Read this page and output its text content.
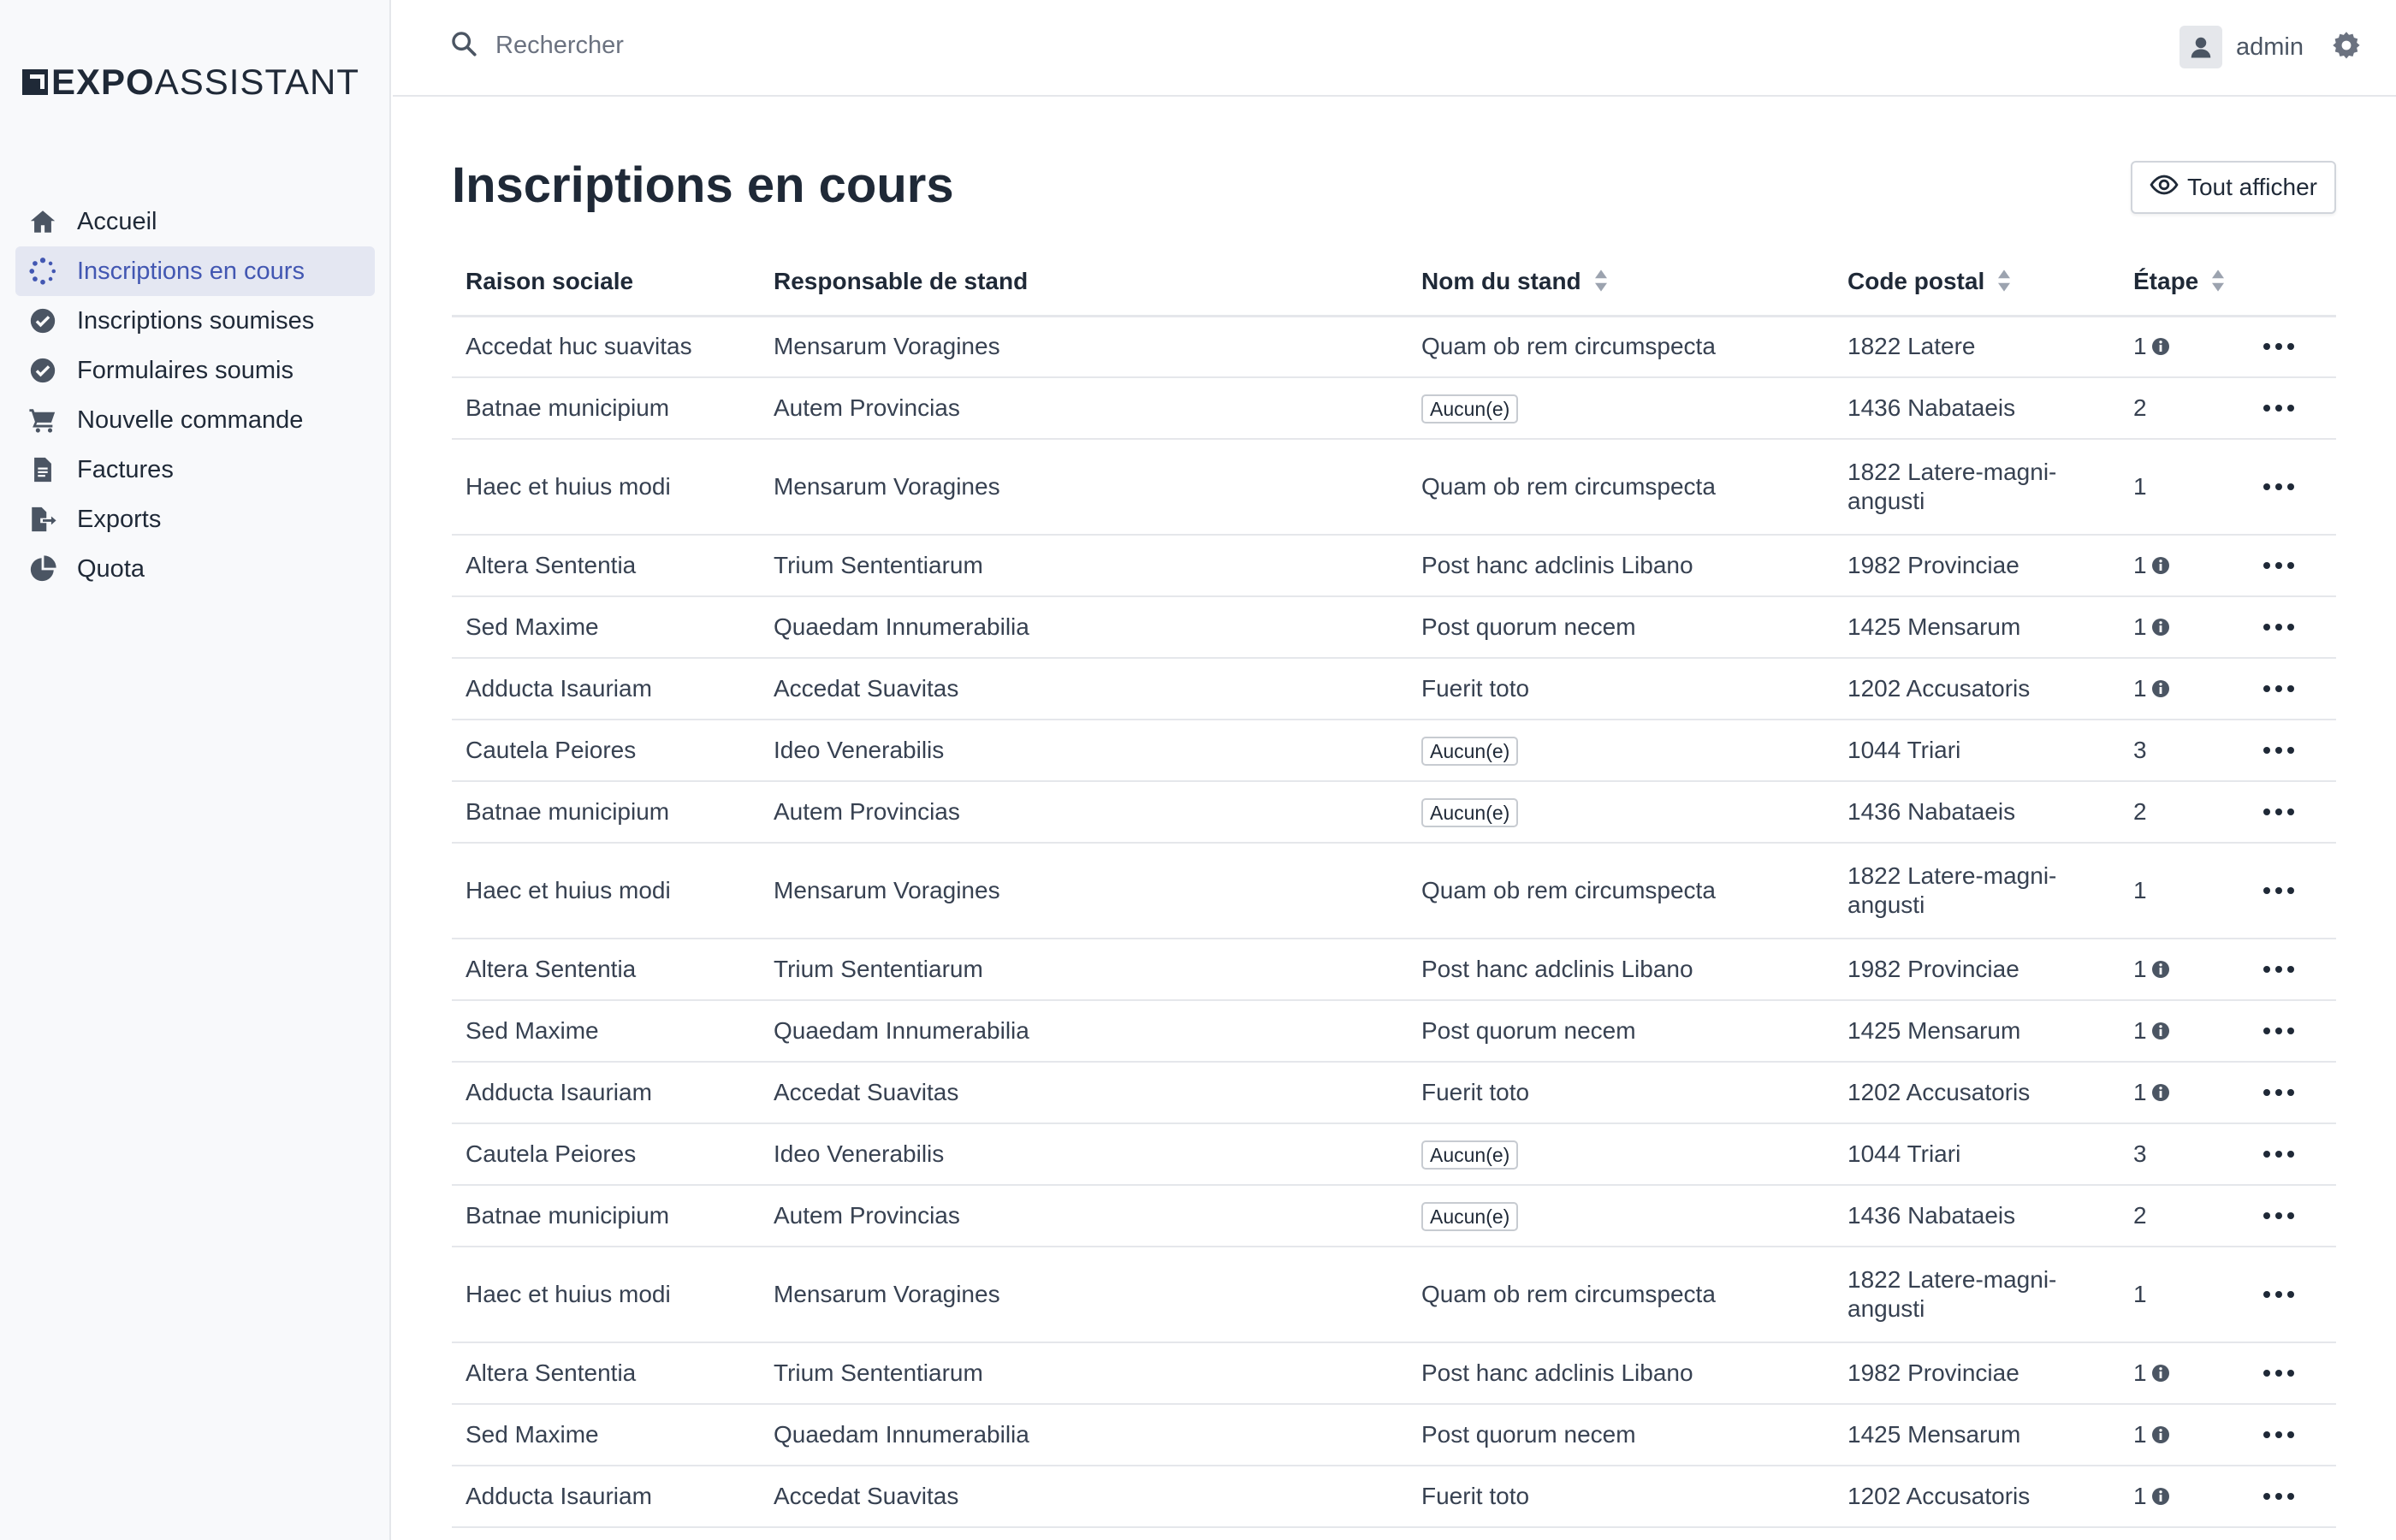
EXPO ASSISTANT
Accueil
Inscriptions en cours
Inscriptions soumises
Formulaires soumis
Nouvelle commande
Factures
Exports
Quota
Rechercher
admin
Inscriptions en cours	Tout afficher
Raison sociale	Responsable de stand	Nom du stand	Code postal	Étape	
Accedat huc suavitas	Mensarum Voragines	Quam ob rem circumspecta	1822 Latere	1

Batnae municipium	Autem Provincias	Aucun(e)	1436 Nabataeis	2

Haec et huius modi	Mensarum Voragines	Quam ob rem circumspecta	1822 Latere-magni-angusti	1

Altera Sententia	Trium Sententiarum	Post hanc adclinis Libano	1982 Provinciae	1

Sed Maxime	Quaedam Innumerabilia	Post quorum necem	1425 Mensarum	1

Adducta Isauriam	Accedat Suavitas	Fuerit toto	1202 Accusatoris	1

Cautela Peiores	Ideo Venerabilis	Aucun(e)	1044 Triari	3

Batnae municipium	Autem Provincias	Aucun(e)	1436 Nabataeis	2

Haec et huius modi	Mensarum Voragines	Quam ob rem circumspecta	1822 Latere-magni-angusti	1

Altera Sententia	Trium Sententiarum	Post hanc adclinis Libano	1982 Provinciae	1

Sed Maxime	Quaedam Innumerabilia	Post quorum necem	1425 Mensarum	1

Adducta Isauriam	Accedat Suavitas	Fuerit toto	1202 Accusatoris	1

Cautela Peiores	Ideo Venerabilis	Aucun(e)	1044 Triari	3

Batnae municipium	Autem Provincias	Aucun(e)	1436 Nabataeis	2

Haec et huius modi	Mensarum Voragines	Quam ob rem circumspecta	1822 Latere-magni-angusti	1

Altera Sententia	Trium Sententiarum	Post hanc adclinis Libano	1982 Provinciae	1

Sed Maxime	Quaedam Innumerabilia	Post quorum necem	1425 Mensarum	1

Adducta Isauriam	Accedat Suavitas	Fuerit toto	1202 Accusatoris	1
